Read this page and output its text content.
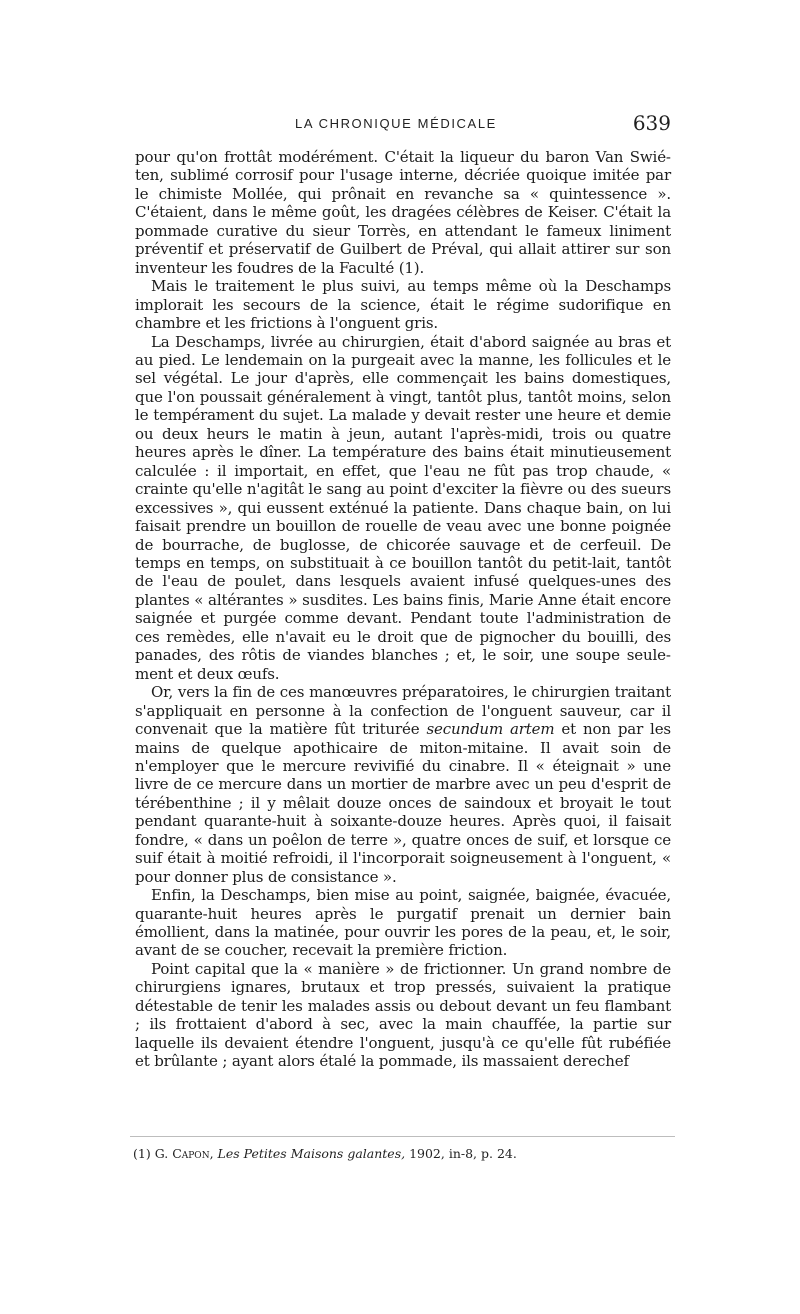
LA CHRONIQUE MÉDICALE	639

pour qu'on frottât modérément. C'était la liqueur du baron Van Swiéten, sublimé corrosif pour l'usage interne, décriée quoique imitée par le chimiste Mollée, qui prônait en revanche sa « quintessence ». C'étaient, dans le même goût, les dragées célèbres de Keiser. C'était la pommade curative du sieur Torrès, en attendant le fameux liniment préventif et préservatif de Guilbert de Préval, qui allait attirer sur son inventeur les foudres de la Faculté (1).

Mais le traitement le plus suivi, au temps même où la Deschamps implorait les secours de la science, était le régime sudorifique en chambre et les frictions à l'onguent gris.

La Deschamps, livrée au chirurgien, était d'abord saignée au bras et au pied. Le lendemain on la purgeait avec la manne, les follicules et le sel végétal. Le jour d'après, elle commençait les bains domestiques, que l'on poussait généralement à vingt, tantôt plus, tantôt moins, selon le tempérament du sujet. La malade y devait rester une heure et demie ou deux heurs le matin à jeun, autant l'après-midi, trois ou quatre heures après le dîner. La température des bains était minutieusement calculée : il importait, en effet, que l'eau ne fût pas trop chaude, « crainte qu'elle n'agitât le sang au point d'exciter la fièvre ou des sueurs excessives », qui eussent exténué la patiente. Dans chaque bain, on lui faisait prendre un bouillon de rouelle de veau avec une bonne poignée de bourrache, de buglosse, de chicorée sauvage et de cerfeuil. De temps en temps, on substituait à ce bouillon tantôt du petit-lait, tantôt de l'eau de poulet, dans lesquels avaient infusé quelques-unes des plantes « altérantes » susdites. Les bains finis, Marie Anne était encore saignée et purgée comme devant. Pendant toute l'administration de ces remèdes, elle n'avait eu le droit que de pignocher du bouilli, des panades, des rôtis de viandes blanches ; et, le soir, une soupe seulement et deux œufs.

Or, vers la fin de ces manœuvres préparatoires, le chirurgien traitant s'appliquait en personne à la confection de l'onguent sauveur, car il convenait que la matière fût triturée secundum artem et non par les mains de quelque apothicaire de miton-mitaine. Il avait soin de n'employer que le mercure revivifié du cinabre. Il « éteignait » une livre de ce mercure dans un mortier de marbre avec un peu d'esprit de térébenthine ; il y mêlait douze onces de saindoux et broyait le tout pendant quarante-huit à soixante-douze heures. Après quoi, il faisait fondre, « dans un poêlon de terre », quatre onces de suif, et lorsque ce suif était à moitié refroidi, il l'incorporait soigneusement à l'onguent, « pour donner plus de consistance ».

Enfin, la Deschamps, bien mise au point, saignée, baignée, évacuée, quarante-huit heures après le purgatif prenait un dernier bain émollient, dans la matinée, pour ouvrir les pores de la peau, et, le soir, avant de se coucher, recevait la première friction.

Point capital que la « manière » de frictionner. Un grand nombre de chirurgiens ignares, brutaux et trop pressés, suivaient la pratique détestable de tenir les malades assis ou debout devant un feu flambant ; ils frottaient d'abord à sec, avec la main chauffée, la partie sur laquelle ils devaient étendre l'onguent, jusqu'à ce qu'elle fût rubéfiée et brûlante ; ayant alors étalé la pommade, ils massaient derechef

(1) G. Capon, Les Petites Maisons galantes, 1902, in-8, p. 24.
